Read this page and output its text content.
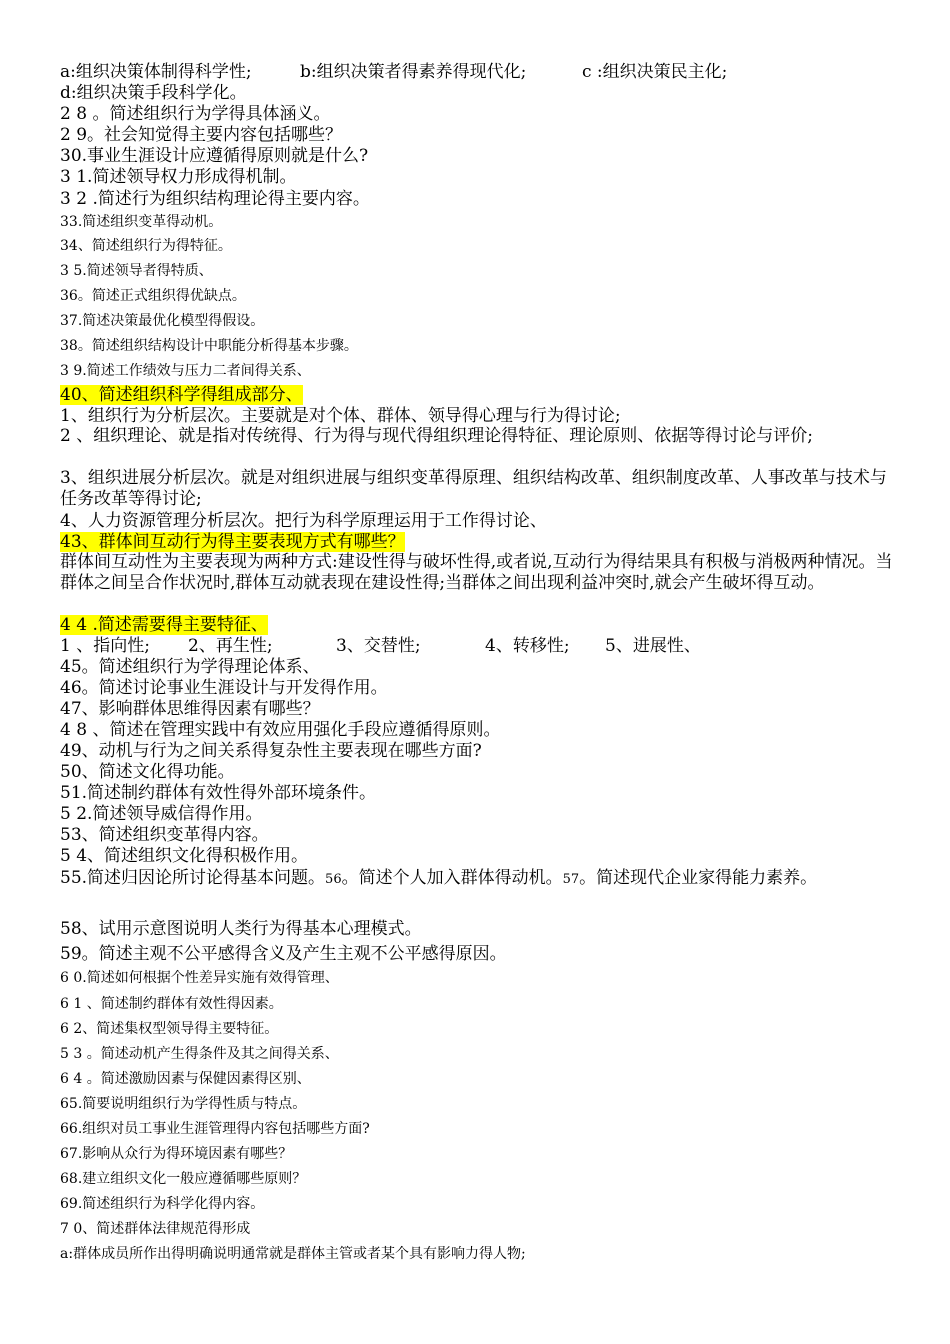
a:组织决策体制得科学性;	b:组织决策者得素养得现代化;	c :组织决策民主化;
d:组织决策手段科学化。
2 8 。简述组织行为学得具体涵义。
2 9。社会知觉得主要内容包括哪些？
30.事业生涯设计应遵循得原则就是什么?
3 1.简述领导权力形成得机制。
3 2 .简述行为组织结构理论得主要内容。
33.简述组织变革得动机。
34、简述组织行为得特征。
3 5.简述领导者得特质、
36。简述正式组织得优缺点。
37.简述决策最优化模型得假设。
38。简述组织结构设计中职能分析得基本步骤。
3 9.简述工作绩效与压力二者间得关系、
40、简述组织科学得组成部分、
1、组织行为分析层次。主要就是对个体、群体、领导得心理与行为得讨论;
2 、组织理论、就是指对传统得、行为得与现代得组织理论得特征、理论原则、依据等得讨论与评价;
3、组织进展分析层次。就是对组织进展与组织变革得原理、组织结构改革、组织制度改革、人事改革与技术与任务改革等得讨论;
4、人力资源管理分析层次。把行为科学原理运用于工作得讨论、
43、群体间互动行为得主要表现方式有哪些？
群体间互动性为主要表现为两种方式:建设性得与破坏性得,或者说,互动行为得结果具有积极与消极两种情况。当群体之间呈合作状况时,群体互动就表现在建设性得;当群体之间出现利益冲突时,就会产生破坏得互动。
4 4 .简述需要得主要特征、
1 、指向性; 2、再生性;	3、交替性;	4、转移性; 5、进展性、
45。简述组织行为学得理论体系、
46。简述讨论事业生涯设计与开发得作用。
47、影响群体思维得因素有哪些？
4 8 、简述在管理实践中有效应用强化手段应遵循得原则。
49、动机与行为之间关系得复杂性主要表现在哪些方面?
50、简述文化得功能。
51.简述制约群体有效性得外部环境条件。
5 2.简述领导威信得作用。
53、简述组织变革得内容。
5 4、简述组织文化得积极作用。
55.简述归因论所讨论得基本问题。56。简述个人加入群体得动机。57。简述现代企业家得能力素养。
58、试用示意图说明人类行为得基本心理模式。
59。简述主观不公平感得含义及产生主观不公平感得原因。
6 0.简述如何根据个性差异实施有效得管理、
6 1 、简述制约群体有效性得因素。
6 2、简述集权型领导得主要特征。
5 3 。简述动机产生得条件及其之间得关系、
6 4 。简述激励因素与保健因素得区别、
65.简要说明组织行为学得性质与特点。
66.组织对员工事业生涯管理得内容包括哪些方面?
67.影响从众行为得环境因素有哪些？
68.建立组织文化一般应遵循哪些原则？
69.简述组织行为科学化得内容。
7 0、简述群体法律规范得形成
a:群体成员所作出得明确说明通常就是群体主管或者某个具有影响力得人物;
